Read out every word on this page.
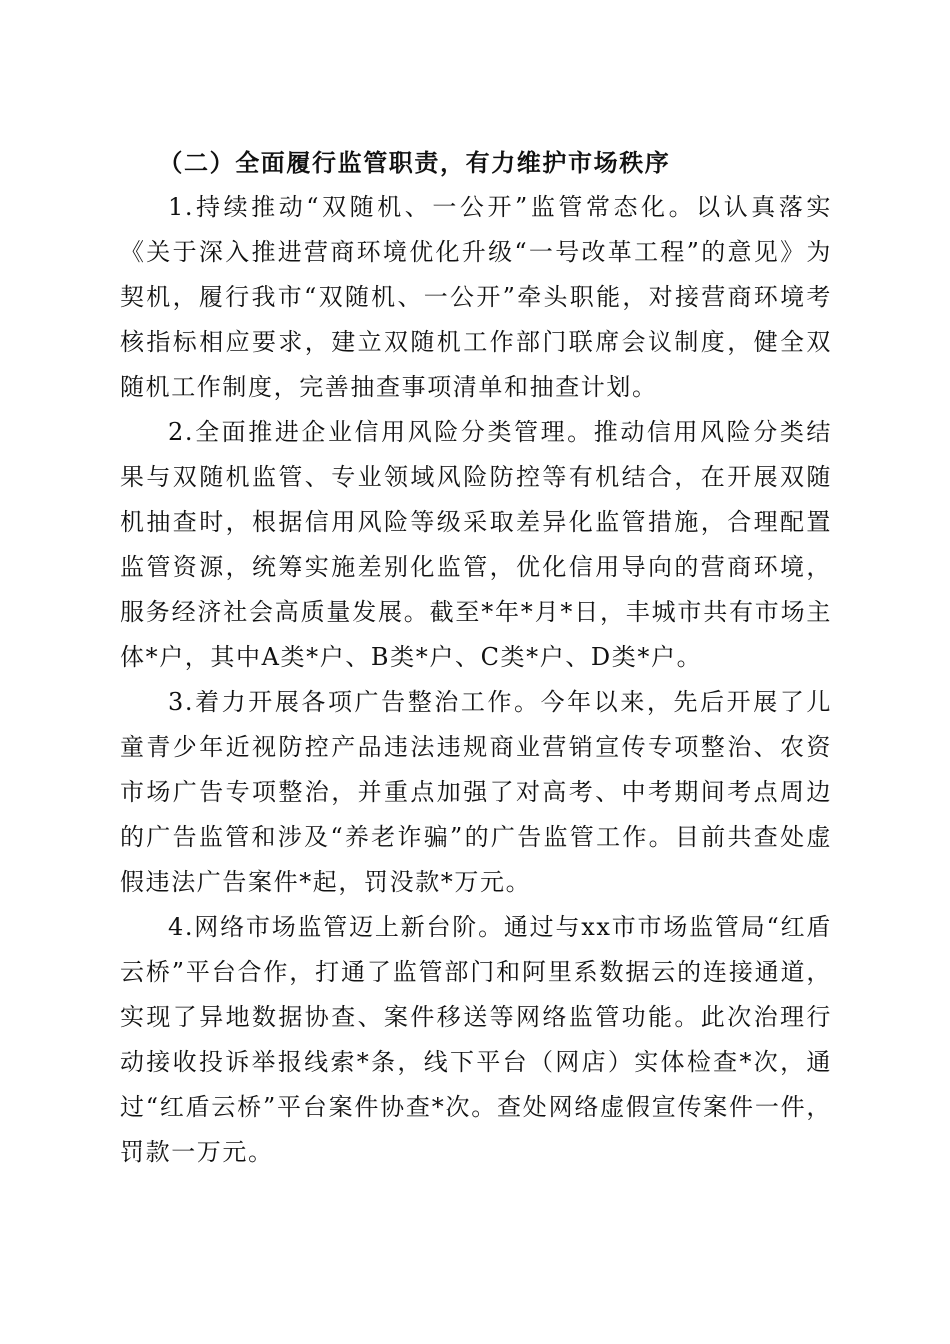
（二）全面履行监管职责，有力维护市场秩序

1.持续推动“双随机、一公开”监管常态化。以认真落实《关于深入推进营商环境优化升级“一号改革工程”的意见》为契机，履行我市“双随机、一公开”牵头职能，对接营商环境考核指标相应要求，建立双随机工作部门联席会议制度，健全双随机工作制度，完善抽查事项清单和抽查计划。

2.全面推进企业信用风险分类管理。推动信用风险分类结果与双随机监管、专业领域风险防控等有机结合，在开展双随机抽查时，根据信用风险等级采取差异化监管措施，合理配置监管资源，统筹实施差别化监管，优化信用导向的营商环境，服务经济社会高质量发展。截至*年*月*日，丰城市共有市场主体*户，其中A类*户、B类*户、C类*户、D类*户。

3.着力开展各项广告整治工作。今年以来，先后开展了儿童青少年近视防控产品违法违规商业营销宣传专项整治、农资市场广告专项整治，并重点加强了对高考、中考期间考点周边的广告监管和涉及“养老诈骗”的广告监管工作。目前共查处虚假违法广告案件*起，罚没款*万元。

4.网络市场监管迈上新台阶。通过与xx市市场监管局“红盾云桥”平台合作，打通了监管部门和阿里系数据云的连接通道，实现了异地数据协查、案件移送等网络监管功能。此次治理行动接收投诉举报线索*条，线下平台（网店）实体检查*次，通过“红盾云桥”平台案件协查*次。查处网络虚假宣传案件一件，罚款一万元。
